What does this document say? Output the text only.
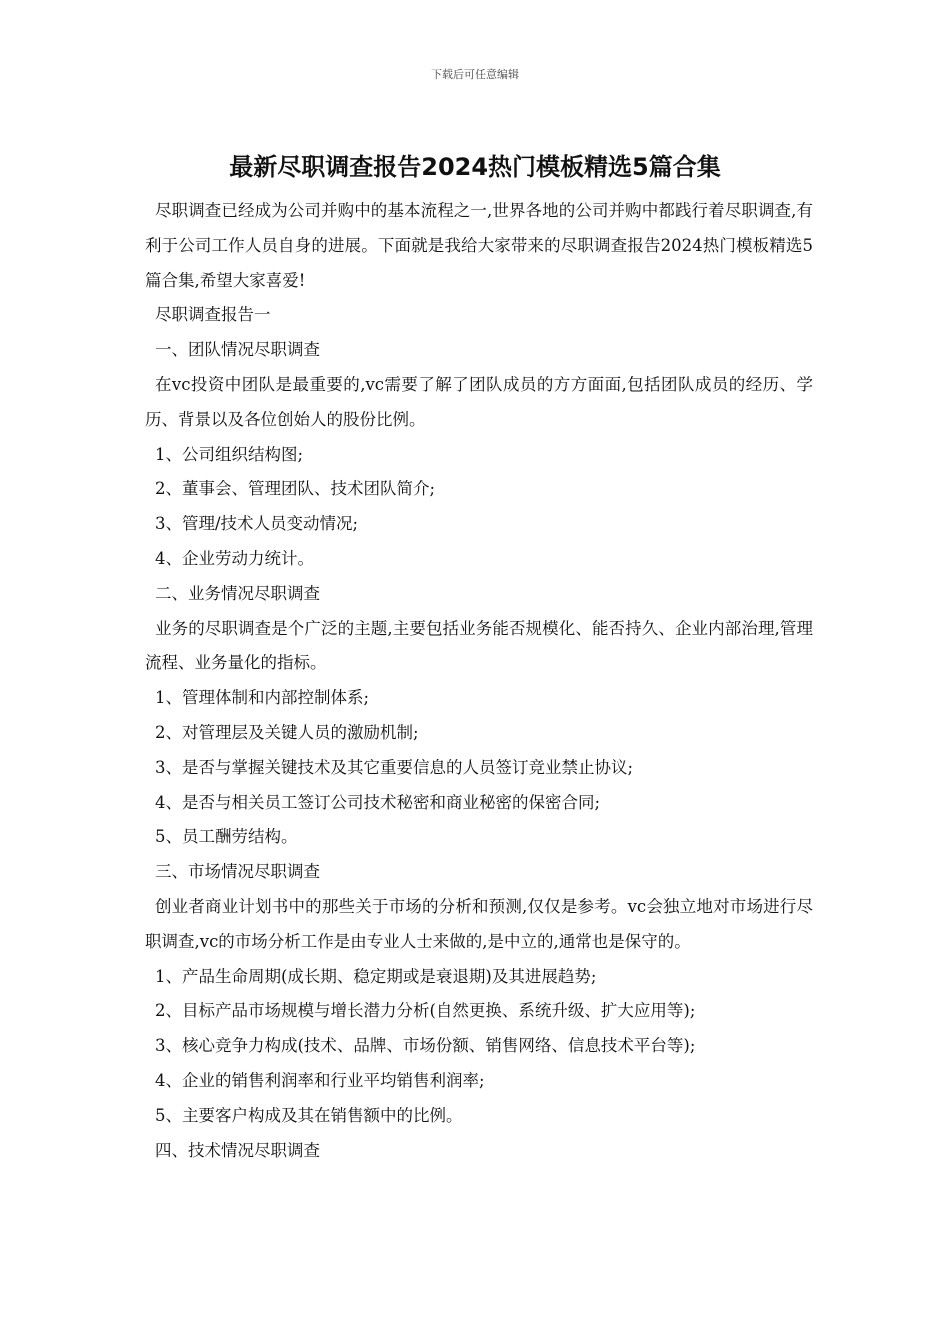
下载后可任意编辑
最新尽职调查报告2024热门模板精选5篇合集

尽职调查已经成为公司并购中的基本流程之一,世界各地的公司并购中都践行着尽职调查,有利于公司工作人员自身的进展。下面就是我给大家带来的尽职调查报告2024热门模板精选5篇合集,希望大家喜爱!

尽职调查报告一

一、团队情况尽职调查

在vc投资中团队是最重要的,vc需要了解了团队成员的方方面面,包括团队成员的经历、学历、背景以及各位创始人的股份比例。

1、公司组织结构图;

2、董事会、管理团队、技术团队简介;

3、管理/技术人员变动情况;

4、企业劳动力统计。

二、业务情况尽职调查

业务的尽职调查是个广泛的主题,主要包括业务能否规模化、能否持久、企业内部治理,管理流程、业务量化的指标。

1、管理体制和内部控制体系;

2、对管理层及关键人员的激励机制;

3、是否与掌握关键技术及其它重要信息的人员签订竞业禁止协议;

4、是否与相关员工签订公司技术秘密和商业秘密的保密合同;

5、员工酬劳结构。

三、市场情况尽职调查

创业者商业计划书中的那些关于市场的分析和预测,仅仅是参考。vc会独立地对市场进行尽职调查,vc的市场分析工作是由专业人士来做的,是中立的,通常也是保守的。

1、产品生命周期(成长期、稳定期或是衰退期)及其进展趋势;

2、目标产品市场规模与增长潜力分析(自然更换、系统升级、扩大应用等);

3、核心竞争力构成(技术、品牌、市场份额、销售网络、信息技术平台等);

4、企业的销售利润率和行业平均销售利润率;

5、主要客户构成及其在销售额中的比例。

四、技术情况尽职调查
